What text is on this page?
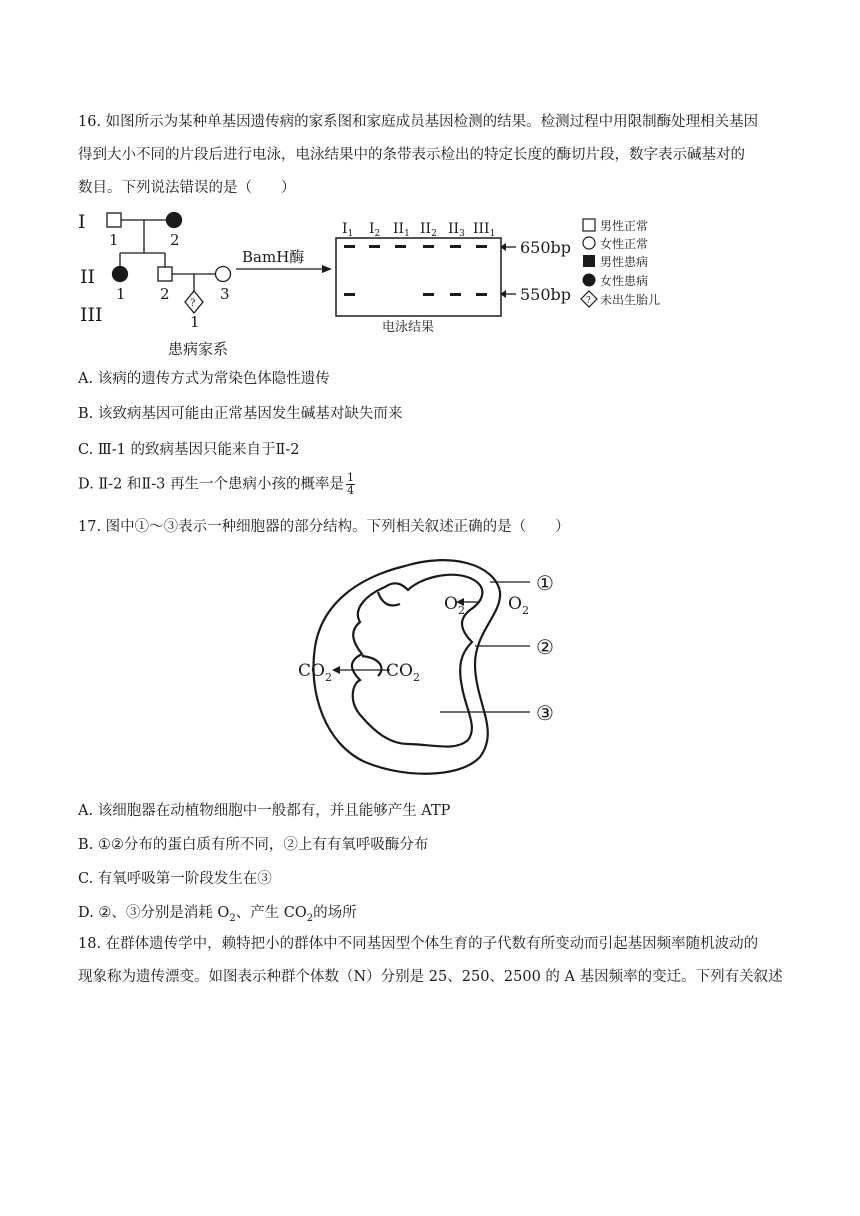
16. 如图所示为某种单基因遗传病的家系图和家庭成员基因检测的结果。检测过程中用限制酶处理相关基因
得到大小不同的片段后进行电泳，电泳结果中的条带表示检出的特定长度的酶切片段，数字表示碱基对的
数目。下列说法错误的是（　　）
I
II
III
1	2
1 2	3
?
1
患病家系
BamH酶
$I_1$ $I_2$ $II_1$ $II_2$ $II_3$ $III_1$
650bp
550bp
电泳结果
男性正常
女性正常
男性患病
女性患病
? 未出生胎儿
A. 该病的遗传方式为常染色体隐性遗传
B. 该致病基因可能由正常基因发生碱基对缺失而来
C. Ⅲ-1 的致病基因只能来自于Ⅱ-2
D. Ⅱ-2 和Ⅱ-3 再生一个患病小孩的概率是 $\frac{1}{4}$
17. 图中①～③表示一种细胞器的部分结构。下列相关叙述正确的是（　　）
①
②
③
$O_2$	$O_2$
$CO_2$	$CO_2$
A. 该细胞器在动植物细胞中一般都有，并且能够产生 ATP
B. ①②分布的蛋白质有所不同，②上有有氧呼吸酶分布
C. 有氧呼吸第一阶段发生在③
D. ②、③分别是消耗 $O_2$、产生 $CO_2$的场所
18. 在群体遗传学中，赖特把小的群体中不同基因型个体生育的子代数有所变动而引起基因频率随机波动的
现象称为遗传漂变。如图表示种群个体数（N）分别是 25、250、2500 的 A 基因频率的变迁。下列有关叙述
